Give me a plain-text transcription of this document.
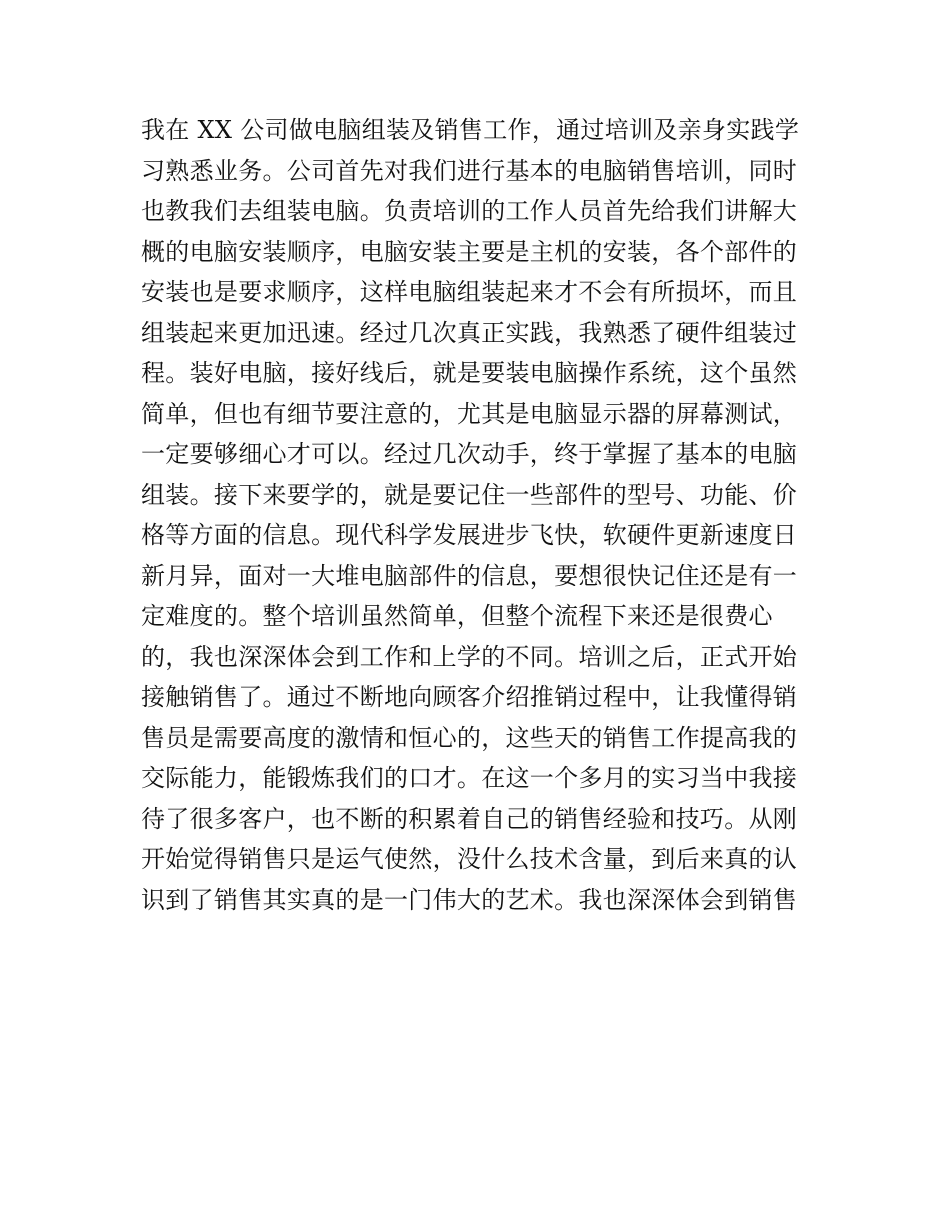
我在 XX 公司做电脑组装及销售工作，通过培训及亲身实践学
习熟悉业务。公司首先对我们进行基本的电脑销售培训，同时
也教我们去组装电脑。负责培训的工作人员首先给我们讲解大
概的电脑安装顺序，电脑安装主要是主机的安装，各个部件的
安装也是要求顺序，这样电脑组装起来才不会有所损坏，而且
组装起来更加迅速。经过几次真正实践，我熟悉了硬件组装过
程。装好电脑，接好线后，就是要装电脑操作系统，这个虽然
简单，但也有细节要注意的，尤其是电脑显示器的屏幕测试，
一定要够细心才可以。经过几次动手，终于掌握了基本的电脑
组装。接下来要学的，就是要记住一些部件的型号、功能、价
格等方面的信息。现代科学发展进步飞快，软硬件更新速度日
新月异，面对一大堆电脑部件的信息，要想很快记住还是有一
定难度的。整个培训虽然简单，但整个流程下来还是很费心
的，我也深深体会到工作和上学的不同。培训之后，正式开始
接触销售了。通过不断地向顾客介绍推销过程中，让我懂得销
售员是需要高度的激情和恒心的，这些天的销售工作提高我的
交际能力，能锻炼我们的口才。在这一个多月的实习当中我接
待了很多客户，也不断的积累着自己的销售经验和技巧。从刚
开始觉得销售只是运气使然，没什么技术含量，到后来真的认
识到了销售其实真的是一门伟大的艺术。我也深深体会到销售
